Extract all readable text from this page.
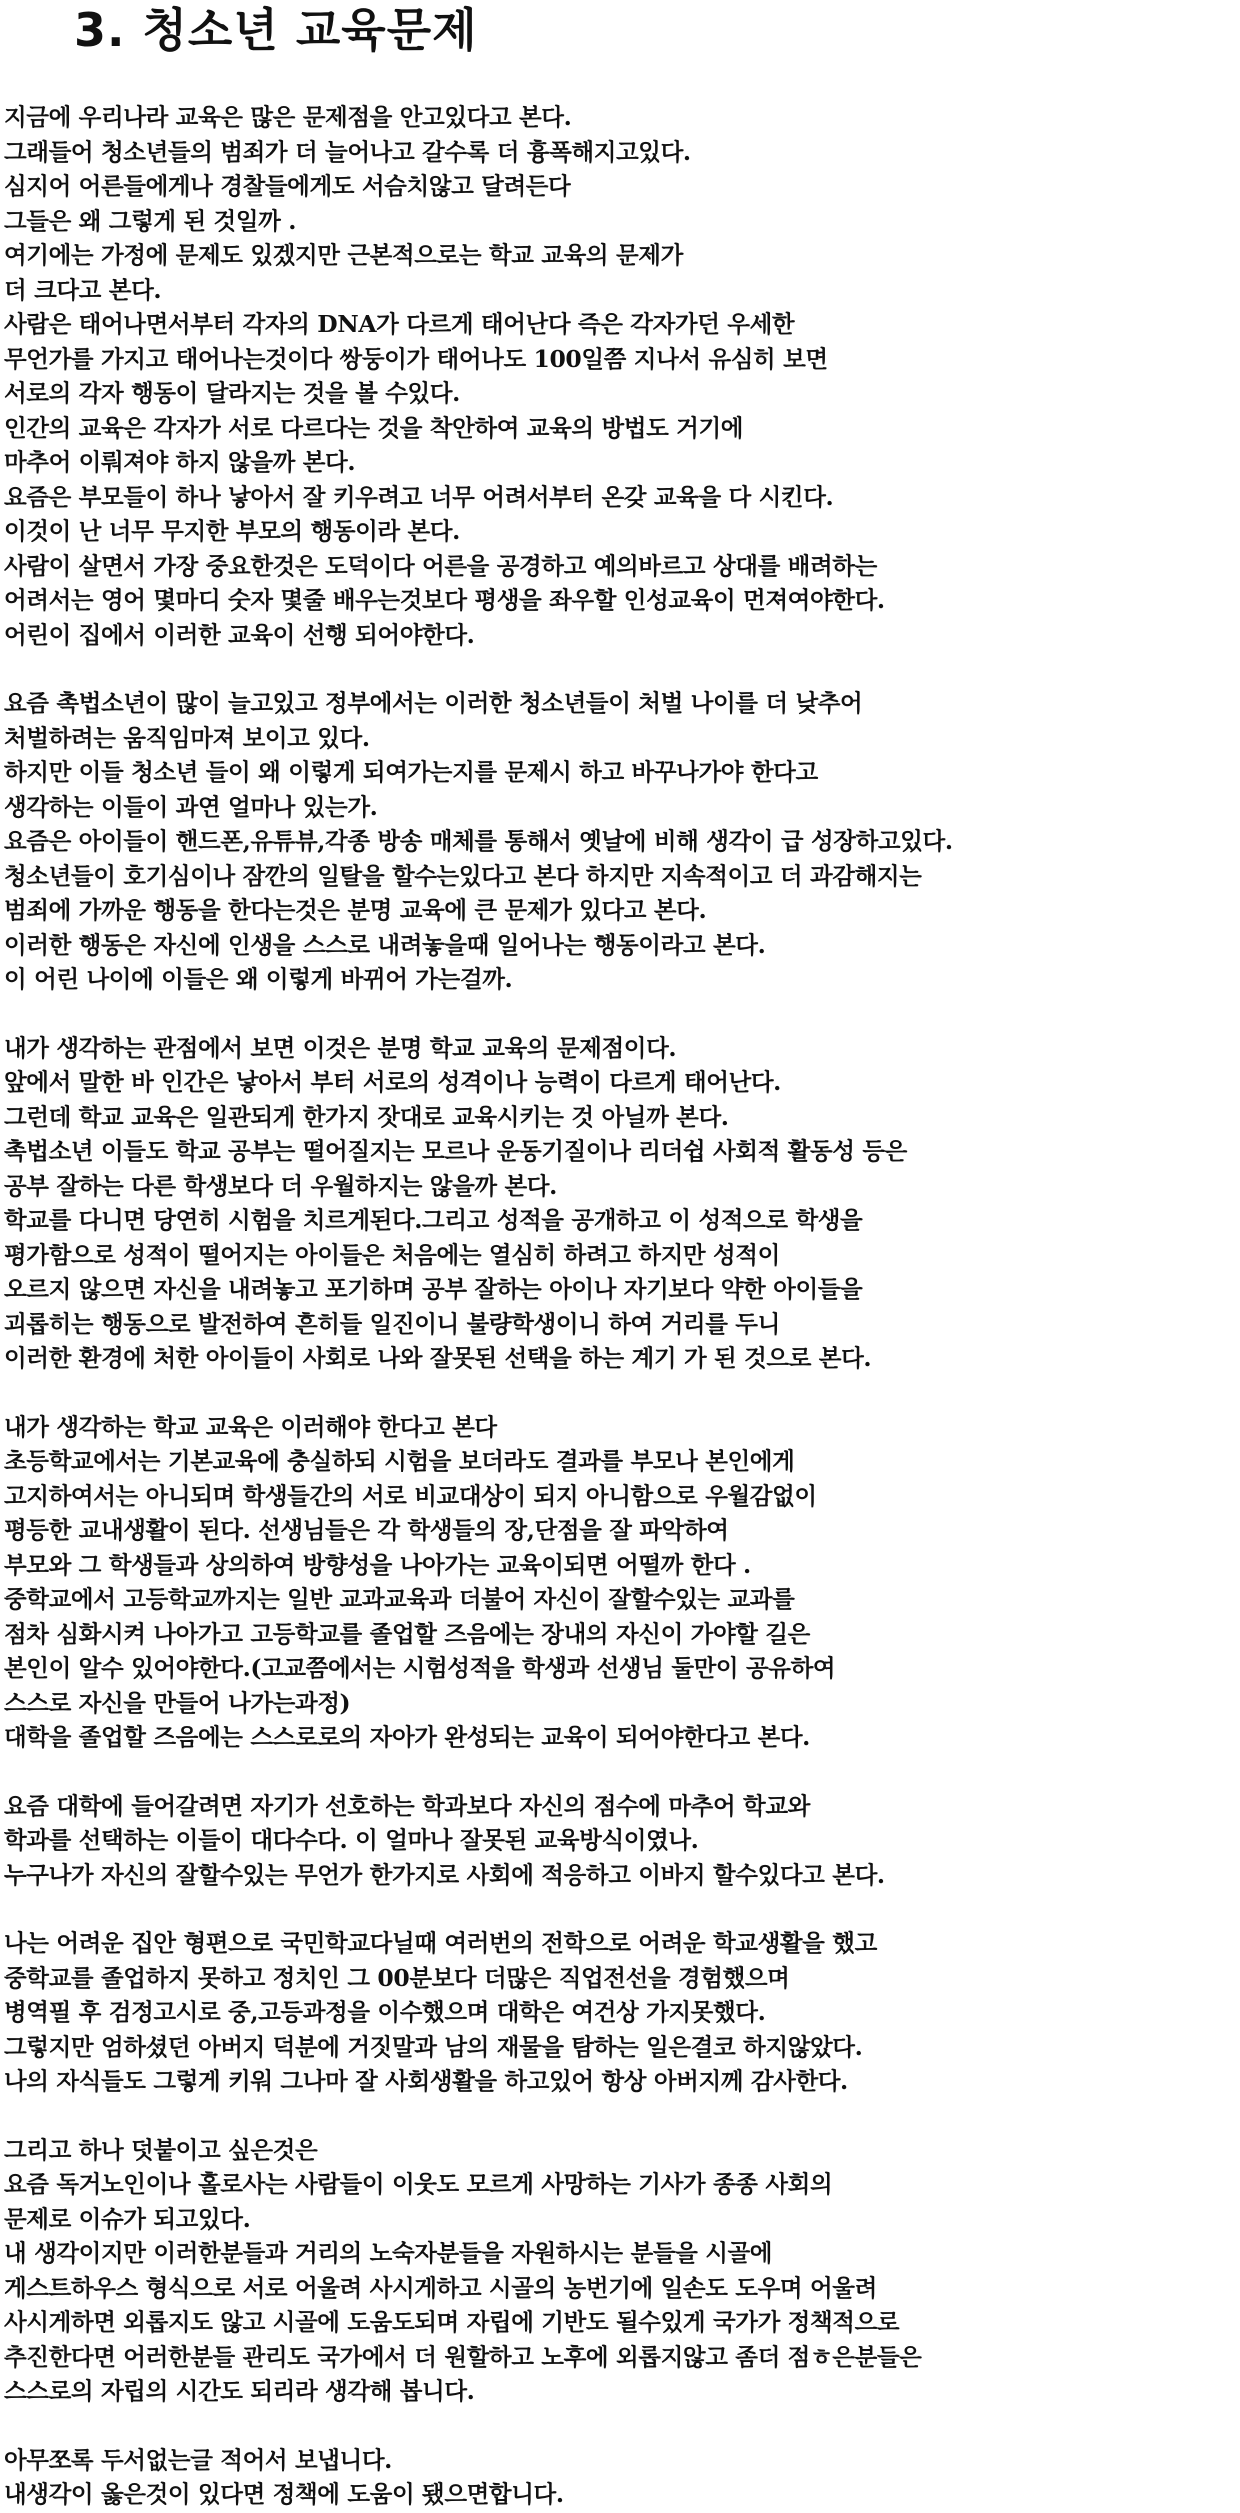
3. 청소년 교육문제
지금에 우리나라 교육은 많은 문제점을 안고있다고 본다.
그래들어 청소년들의 범죄가 더 늘어나고 갈수록 더 흉폭해지고있다.
심지어 어른들에게나 경찰들에게도 서슴치않고 달려든다
그들은 왜 그렇게 된 것일까 .
여기에는 가정에 문제도 있겠지만 근본적으로는 학교 교육의 문제가
더 크다고 본다.
사람은 태어나면서부터 각자의 DNA가 다르게 태어난다 즉은 각자가던 우세한
무언가를 가지고 태어나는것이다 쌍둥이가 태어나도 100일쯤 지나서 유심히 보면
서로의 각자 행동이 달라지는 것을 볼 수있다.
인간의 교육은 각자가 서로 다르다는 것을 착안하여 교육의 방법도 거기에
마추어 이뤄져야 하지 않을까 본다.
요즘은 부모들이 하나 낳아서 잘 키우려고 너무 어려서부터 온갖 교육을 다 시킨다.
이것이 난 너무 무지한 부모의 행동이라 본다.
사람이 살면서 가장 중요한것은 도덕이다 어른을 공경하고 예의바르고 상대를 배려하는
어려서는 영어 몇마디 숫자 몇줄 배우는것보다 평생을 좌우할 인성교육이 먼져여야한다.
어린이 집에서 이러한 교육이 선행 되어야한다.
요즘 촉법소년이 많이 늘고있고 정부에서는 이러한 청소년들이 처벌 나이를 더 낮추어
처벌하려는 움직임마져 보이고 있다.
하지만 이들 청소년 들이 왜 이렇게 되여가는지를 문제시 하고 바꾸나가야 한다고
생각하는 이들이 과연 얼마나 있는가.
요즘은 아이들이 핸드폰,유튜뷰,각종 방송 매체를 통해서 옛날에 비해 생각이 급 성장하고있다.
청소년들이 호기심이나 잠깐의 일탈을 할수는있다고 본다 하지만 지속적이고 더 과감해지는
범죄에 가까운 행동을 한다는것은 분명 교육에 큰 문제가 있다고 본다.
이러한 행동은 자신에 인생을 스스로 내려놓을때 일어나는 행동이라고 본다.
이 어린 나이에 이들은 왜 이렇게 바뀌어 가는걸까.
내가 생각하는 관점에서 보면 이것은 분명 학교 교육의 문제점이다.
앞에서 말한 바 인간은 낳아서 부터 서로의 성격이나 능력이 다르게 태어난다.
그런데 학교 교육은 일관되게 한가지 잣대로 교육시키는 것 아닐까 본다.
촉법소년 이들도 학교 공부는 떨어질지는 모르나 운동기질이나 리더쉽 사회적 활동성 등은
공부 잘하는 다른 학생보다 더 우월하지는 않을까 본다.
학교를 다니면 당연히 시험을 치르게된다.그리고 성적을 공개하고 이 성적으로 학생을
평가함으로 성적이 떨어지는 아이들은 처음에는 열심히 하려고 하지만 성적이
오르지 않으면 자신을 내려놓고 포기하며 공부 잘하는 아이나 자기보다 약한 아이들을
괴롭히는 행동으로 발전하여 흔히들 일진이니 불량학생이니 하여 거리를 두니
이러한 환경에 처한 아이들이 사회로 나와 잘못된 선택을 하는 계기 가 된 것으로 본다.
내가 생각하는 학교 교육은 이러해야 한다고 본다
초등학교에서는 기본교육에 충실하되 시험을 보더라도 결과를 부모나 본인에게
고지하여서는 아니되며 학생들간의 서로 비교대상이 되지 아니함으로 우월감없이
평등한 교내생활이 된다. 선생님들은 각 학생들의 장,단점을 잘 파악하여
부모와 그 학생들과 상의하여 방향성을 나아가는 교육이되면 어떨까 한다 .
중학교에서 고등학교까지는 일반 교과교육과 더불어 자신이 잘할수있는 교과를
점차 심화시켜 나아가고 고등학교를 졸업할 즈음에는 장내의 자신이 가야할 길은
본인이 알수 있어야한다.(고교쯤에서는 시험성적을 학생과 선생님 둘만이 공유하여
스스로 자신을 만들어 나가는과정)
대학을 졸업할 즈음에는 스스로로의 자아가 완성되는 교육이 되어야한다고 본다.
요즘 대학에 들어갈려면 자기가 선호하는 학과보다 자신의 점수에 마추어 학교와
학과를 선택하는 이들이 대다수다. 이 얼마나 잘못된 교육방식이였나.
누구나가 자신의 잘할수있는 무언가 한가지로 사회에 적응하고 이바지 할수있다고 본다.
나는 어려운 집안 형편으로 국민학교다닐때 여러번의 전학으로 어려운 학교생활을 했고
중학교를 졸업하지 못하고 정치인 그 00분보다 더많은 직업전선을 경험했으며
병역필 후 검정고시로 중,고등과정을 이수했으며 대학은 여건상 가지못했다.
그렇지만 엄하셨던 아버지 덕분에 거짓말과 남의 재물을 탐하는 일은결코 하지않았다.
나의 자식들도 그렇게 키워 그나마 잘 사회생활을 하고있어 항상 아버지께 감사한다.
그리고 하나 덧붙이고 싶은것은
요즘 독거노인이나 홀로사는 사람들이 이웃도 모르게 사망하는 기사가 종종 사회의
문제로 이슈가 되고있다.
내 생각이지만 이러한분들과 거리의 노숙자분들을 자원하시는 분들을 시골에
게스트하우스 형식으로 서로 어울려 사시게하고 시골의 농번기에 일손도 도우며 어울려
사시게하면 외롭지도 않고 시골에 도움도되며 자립에 기반도 될수있게 국가가 정책적으로
추진한다면 어러한분들 관리도 국가에서 더 원할하고 노후에 외롭지않고 좀더 점ㅎ은분들은
스스로의 자립의 시간도 되리라 생각해 봅니다.
아무쪼록 두서없는글 적어서 보냅니다.
내생각이 옳은것이 있다면 정책에 도움이 됐으면합니다.
